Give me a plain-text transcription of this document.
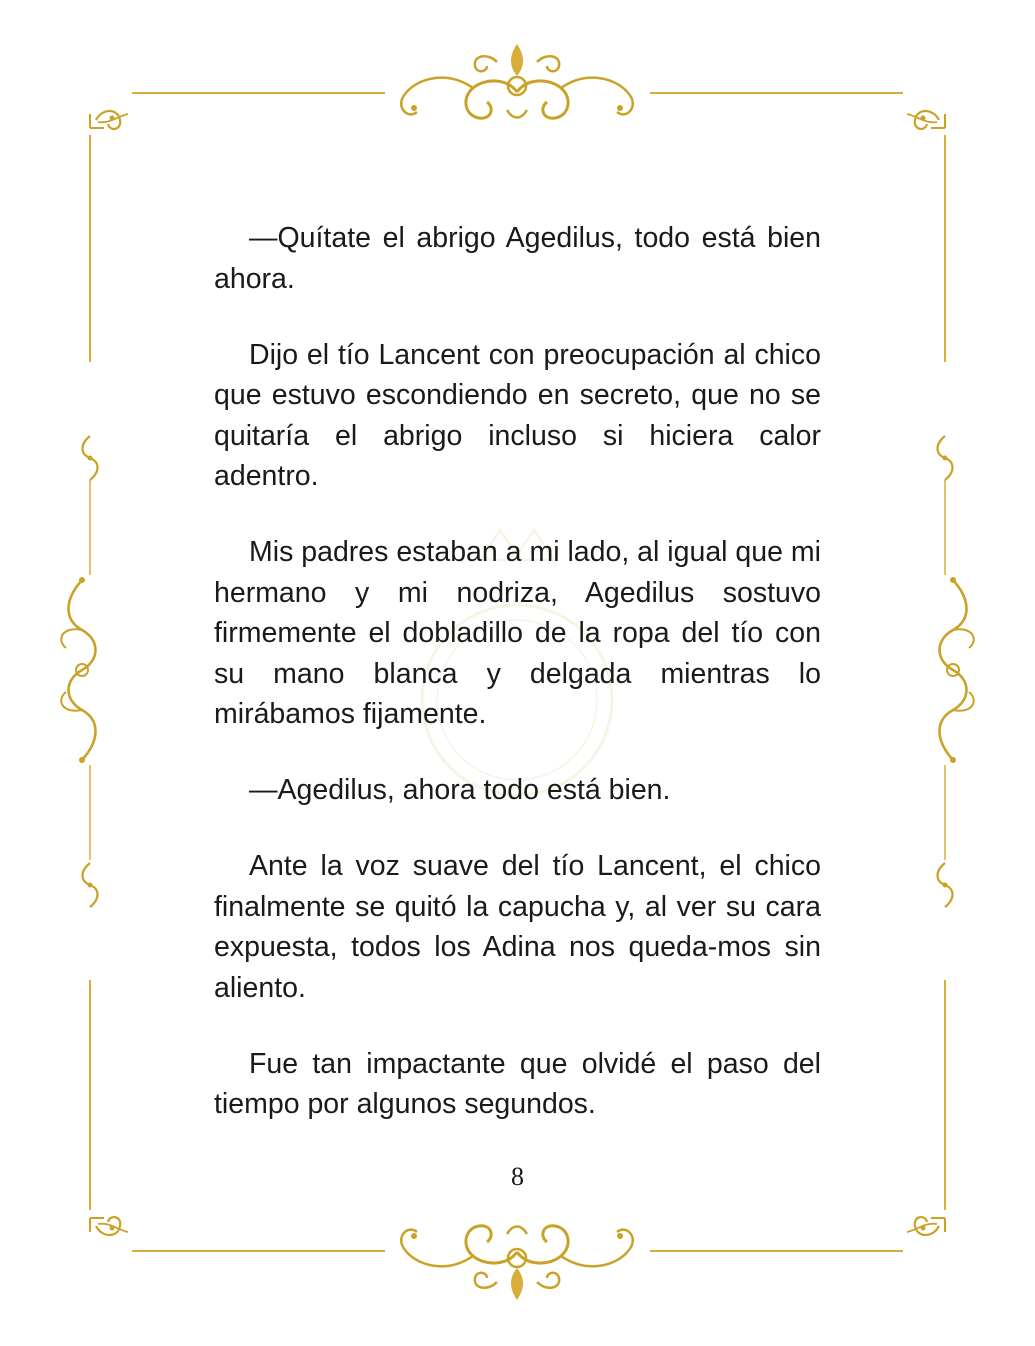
—Quítate el abrigo Agedilus, todo está bien ahora.

Dijo el tío Lancent con preocupación al chico que estuvo escondiendo en secreto, que no se quitaría el abrigo incluso si hiciera calor adentro.

Mis padres estaban a mi lado, al igual que mi hermano y mi nodriza, Agedilus sostuvo firmemente el dobladillo de la ropa del tío con su mano blanca y delgada mientras lo mirábamos fijamente.

—Agedilus, ahora todo está bien.

Ante la voz suave del tío Lancent, el chico finalmente se quitó la capucha y, al ver su cara expuesta, todos los Adina nos queda-mos sin aliento.

Fue tan impactante que olvidé el paso del tiempo por algunos segundos.

8
